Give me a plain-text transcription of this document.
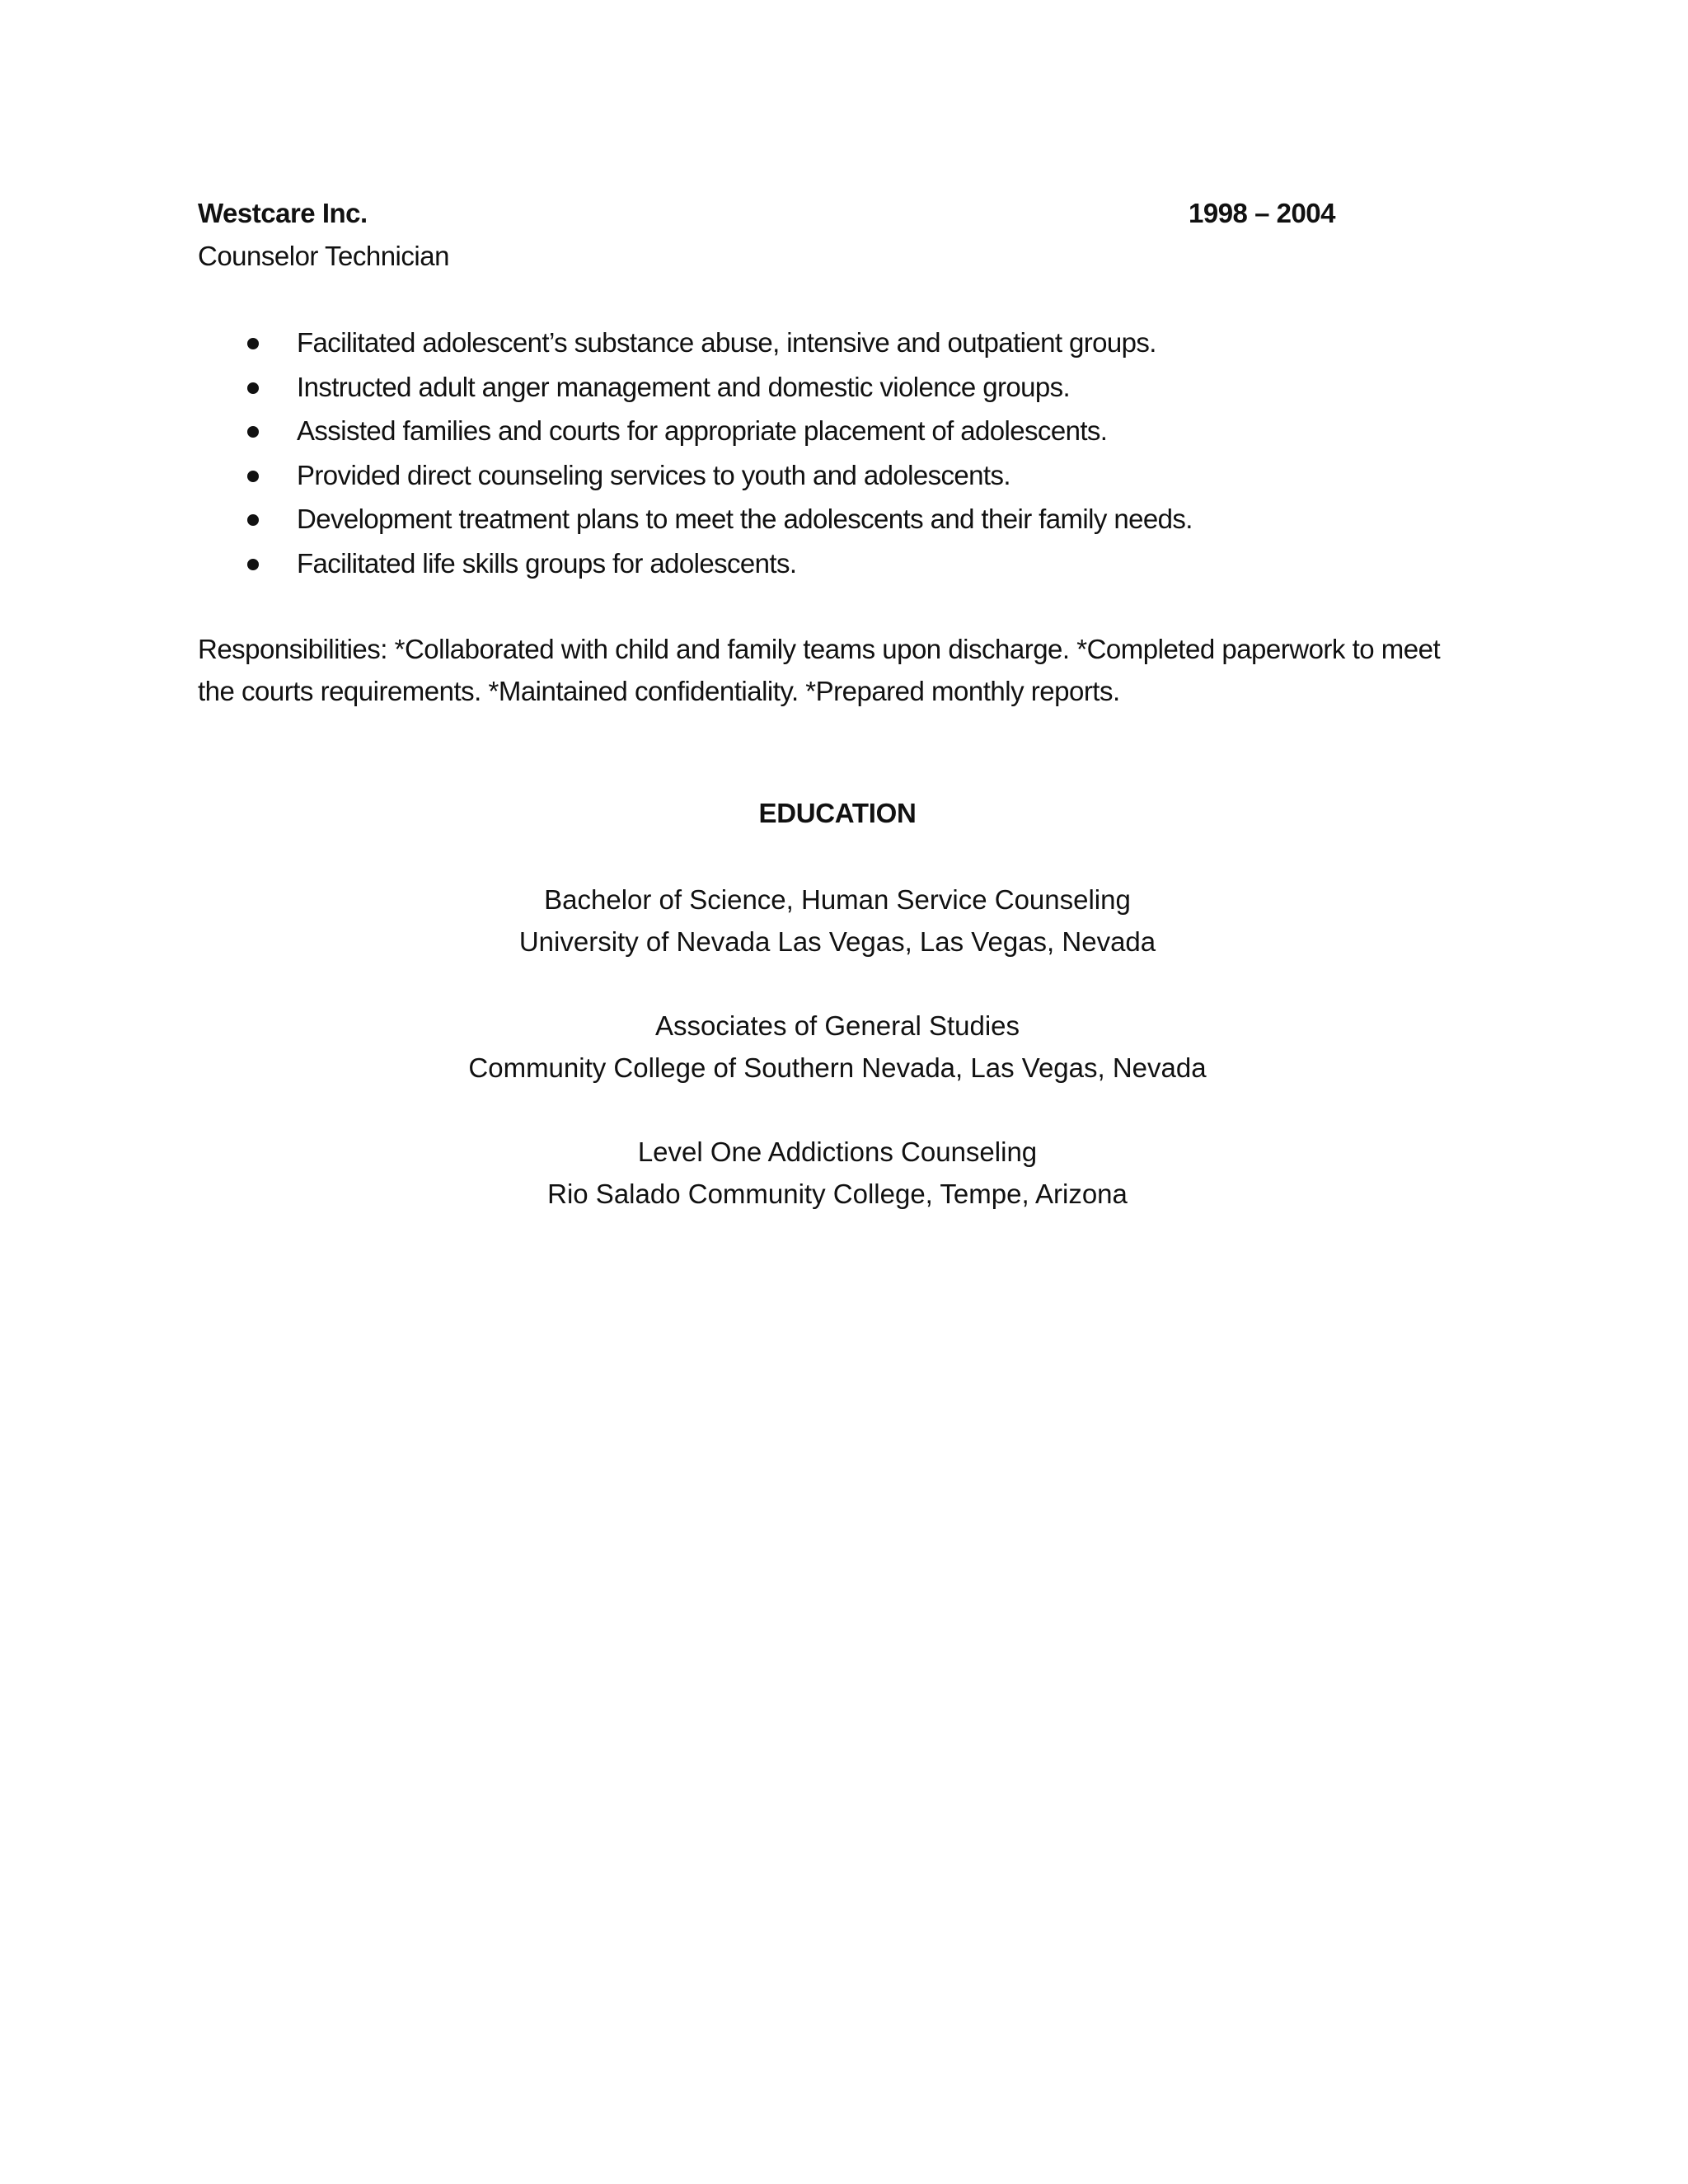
Westcare Inc.	1998 – 2004
Counselor Technician
Facilitated adolescent’s substance abuse, intensive and outpatient groups.
Instructed adult anger management and domestic violence groups.
Assisted families and courts for appropriate placement of adolescents.
Provided direct counseling services to youth and adolescents.
Development treatment plans to meet the adolescents and their family needs.
Facilitated life skills groups for adolescents.

Responsibilities: *Collaborated with child and family teams upon discharge. *Completed paperwork to meet the courts requirements. *Maintained confidentiality. *Prepared monthly reports.

EDUCATION
Bachelor of Science, Human Service Counseling
University of Nevada Las Vegas, Las Vegas, Nevada
Associates of General Studies
Community College of Southern Nevada, Las Vegas, Nevada
Level One Addictions Counseling
Rio Salado Community College, Tempe, Arizona
